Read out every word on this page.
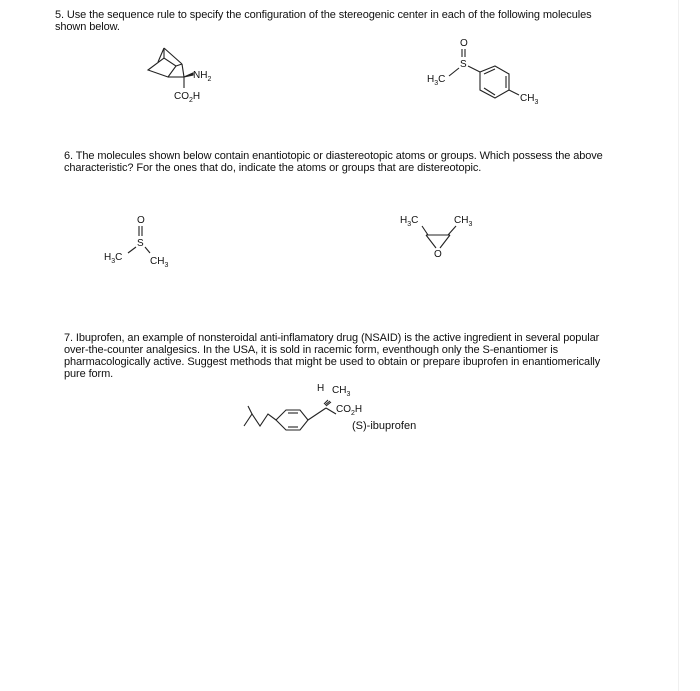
5. Use the sequence rule to specify the configuration of the stereogenic center in each of the following molecules

shown below.

$NH_2$
$CO_2H$
O
S
$H_3C$
$CH_3$

6. The molecules shown below contain enantiotopic or diastereotopic atoms or groups. Which possess the above

characteristic? For the ones that do, indicate the atoms or groups that are distereotopic.

O
S
$H_3C$	$CH_3$
$H_3C$	$CH_3$
O

7. Ibuprofen, an example of nonsteroidal anti-inflamatory drug (NSAID) is the active ingredient in several popular

over-the-counter analgesics. In the USA, it is sold in racemic form, eventhough only the S-enantiomer is

pharmacologically active. Suggest methods that might be used to obtain or prepare ibuprofen in enantiomerically

pure form.

H $CH_3$
$CO_2H$
(S)-ibuprofen
